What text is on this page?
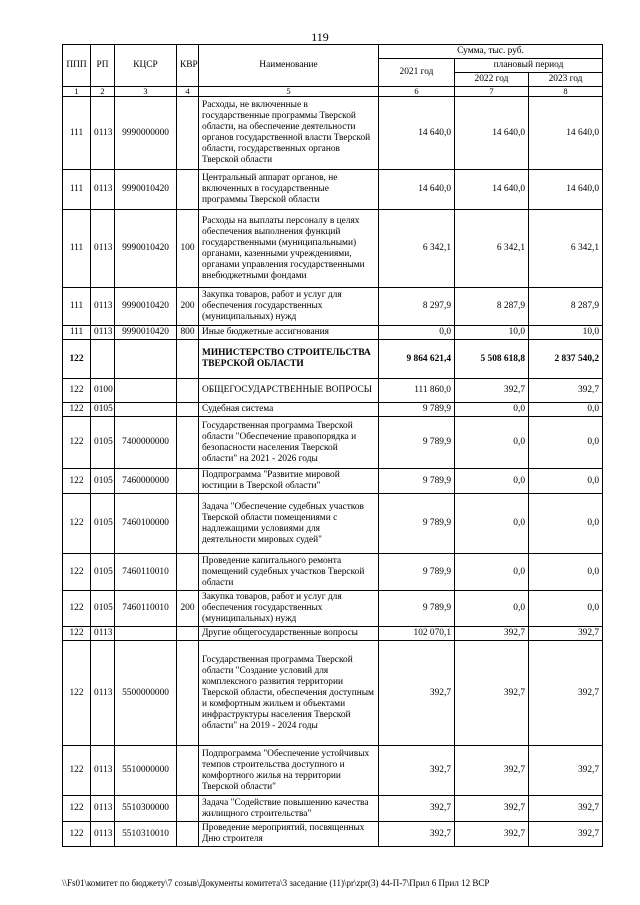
119
ППП	РП	КЦСР	КВР	Наименование	Сумма, тыс. руб.		
					2021 год	плановый период	
						2022 год	2023 год
1	2	3	4	5	6	7	8
111	0113	9990000000		Расходы, не включенные в государственные программы Тверской области, на обеспечение деятельности органов государственной власти Тверской области, государственных органов Тверской области	14 640,0	14 640,0	14 640,0
111	0113	9990010420		Центральный аппарат органов, не включенных в государственные программы Тверской области	14 640,0	14 640,0	14 640,0
111	0113	9990010420	100	Расходы на выплаты персоналу в целях обеспечения выполнения функций государственными (муниципальными) органами, казенными учреждениями, органами управления государственными внебюджетными фондами	6 342,1	6 342,1	6 342,1
111	0113	9990010420	200	Закупка товаров, работ и услуг для обеспечения государственных (муниципальных) нужд	8 297,9	8 287,9	8 287,9
111	0113	9990010420	800	Иные бюджетные ассигнования	0,0	10,0	10,0
122				МИНИСТЕРСТВО СТРОИТЕЛЬСТВА ТВЕРСКОЙ ОБЛАСТИ	9 864 621,4	5 508 618,8	2 837 540,2
122	0100			ОБЩЕГОСУДАРСТВЕННЫЕ ВОПРОСЫ	111 860,0	392,7	392,7
122	0105			Судебная система	9 789,9	0,0	0,0
122	0105	7400000000		Государственная программа Тверской области "Обеспечение правопорядка и безопасности населения Тверской области" на 2021 - 2026 годы	9 789,9	0,0	0,0
122	0105	7460000000		Подпрограмма "Развитие мировой юстиции в Тверской области"	9 789,9	0,0	0,0
122	0105	7460100000		Задача "Обеспечение судебных участков Тверской области помещениями с надлежащими условиями для деятельности мировых судей"	9 789,9	0,0	0,0
122	0105	7460110010		Проведение капитального ремонта помещений судебных участков Тверской области	9 789,9	0,0	0,0
122	0105	7460110010	200	Закупка товаров, работ и услуг для обеспечения государственных (муниципальных) нужд	9 789,9	0,0	0,0
122	0113			Другие общегосударственные вопросы	102 070,1	392,7	392,7
122	0113	5500000000		Государственная программа Тверской области "Создание условий для комплексного развития территории Тверской области, обеспечения доступным и комфортным жильем и объектами инфраструктуры населения Тверской области" на 2019 - 2024 годы	392,7	392,7	392,7
122	0113	5510000000		Подпрограмма "Обеспечение устойчивых темпов строительства доступного и комфортного жилья на территории Тверской области"	392,7	392,7	392,7
122	0113	5510300000		Задача "Содействие повышению качества жилищного строительства"	392,7	392,7	392,7
122	0113	5510310010		Проведение мероприятий, посвященных Дню строителя	392,7	392,7	392,7
\\Fs01\комитет по бюджету\7 созыв\Документы комитета\3 заседание (11)\pr\zpr(3) 44-П-7\Прил 6 Прил 12 ВСР
